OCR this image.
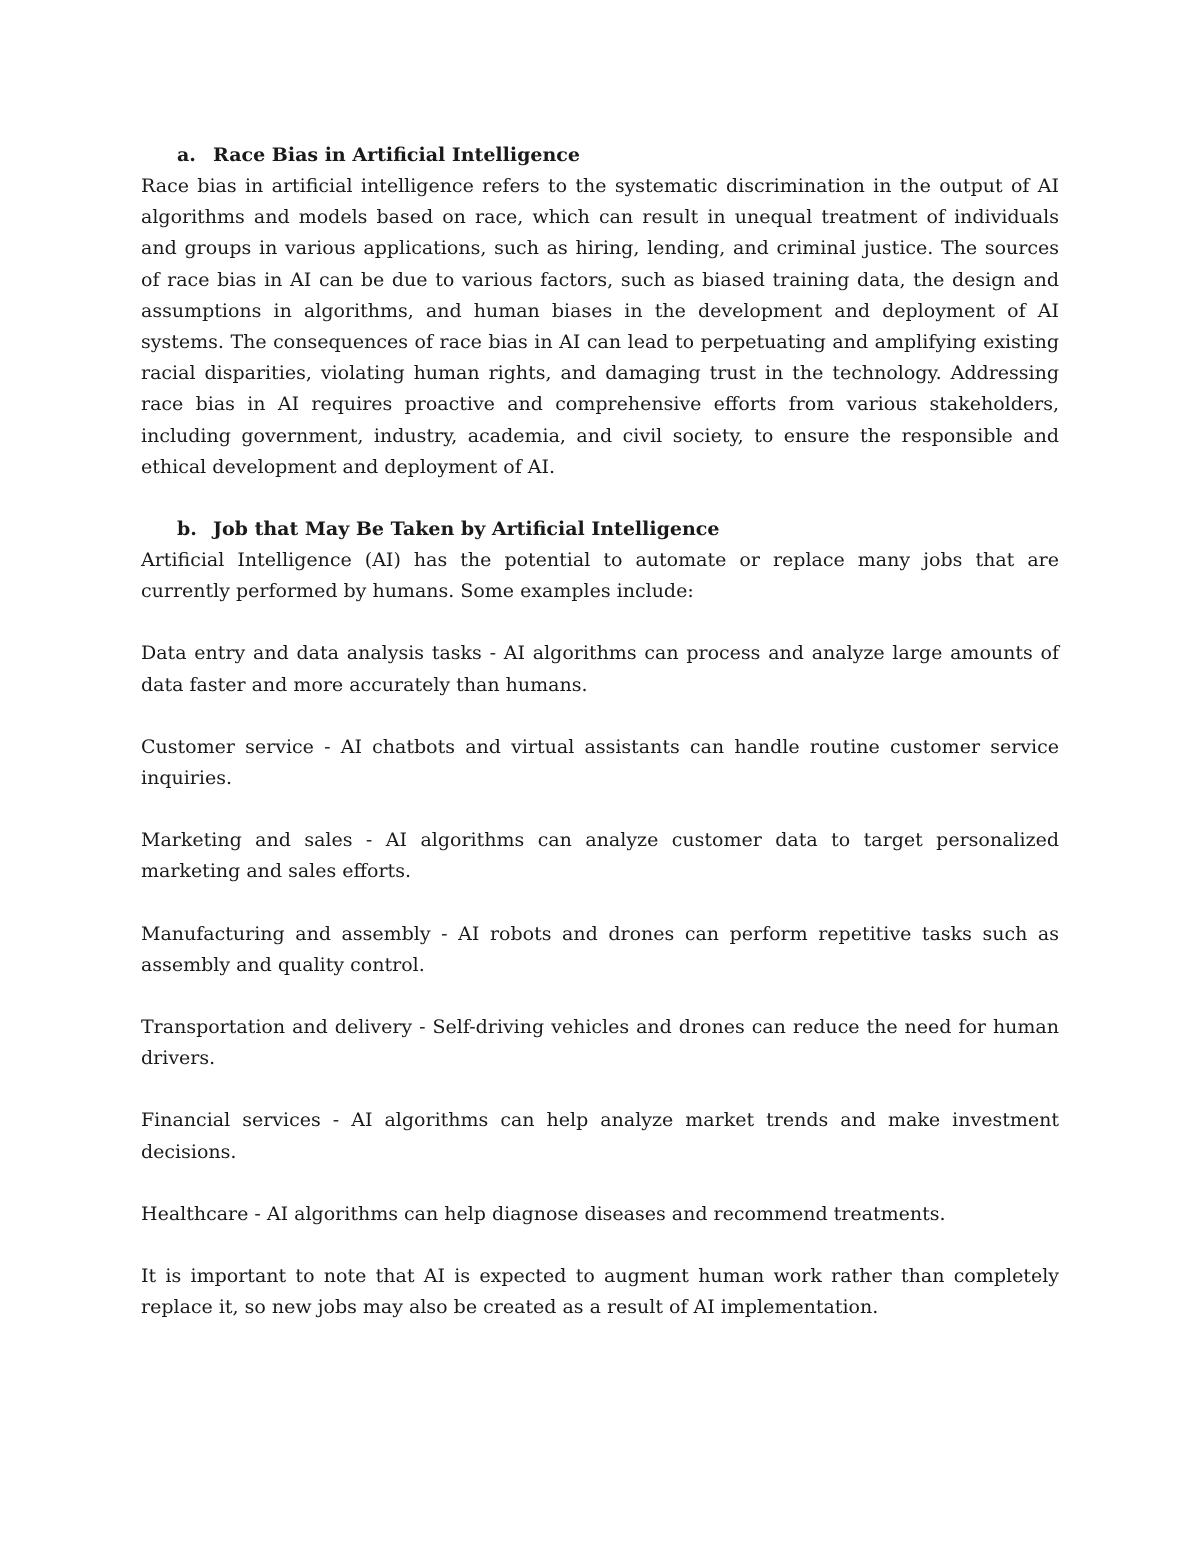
a. Race Bias in Artificial Intelligence

Race bias in artificial intelligence refers to the systematic discrimination in the output of AI algorithms and models based on race, which can result in unequal treatment of individuals and groups in various applications, such as hiring, lending, and criminal justice. The sources of race bias in AI can be due to various factors, such as biased training data, the design and assumptions in algorithms, and human biases in the development and deployment of AI systems. The consequences of race bias in AI can lead to perpetuating and amplifying existing racial disparities, violating human rights, and damaging trust in the technology. Addressing race bias in AI requires proactive and comprehensive efforts from various stakeholders, including government, industry, academia, and civil society, to ensure the responsible and ethical development and deployment of AI.

b. Job that May Be Taken by Artificial Intelligence

Artificial Intelligence (AI) has the potential to automate or replace many jobs that are currently performed by humans. Some examples include:

Data entry and data analysis tasks - AI algorithms can process and analyze large amounts of data faster and more accurately than humans.

Customer service - AI chatbots and virtual assistants can handle routine customer service inquiries.

Marketing and sales - AI algorithms can analyze customer data to target personalized marketing and sales efforts.

Manufacturing and assembly - AI robots and drones can perform repetitive tasks such as assembly and quality control.

Transportation and delivery - Self-driving vehicles and drones can reduce the need for human drivers.

Financial services - AI algorithms can help analyze market trends and make investment decisions.

Healthcare - AI algorithms can help diagnose diseases and recommend treatments.

It is important to note that AI is expected to augment human work rather than completely replace it, so new jobs may also be created as a result of AI implementation.
